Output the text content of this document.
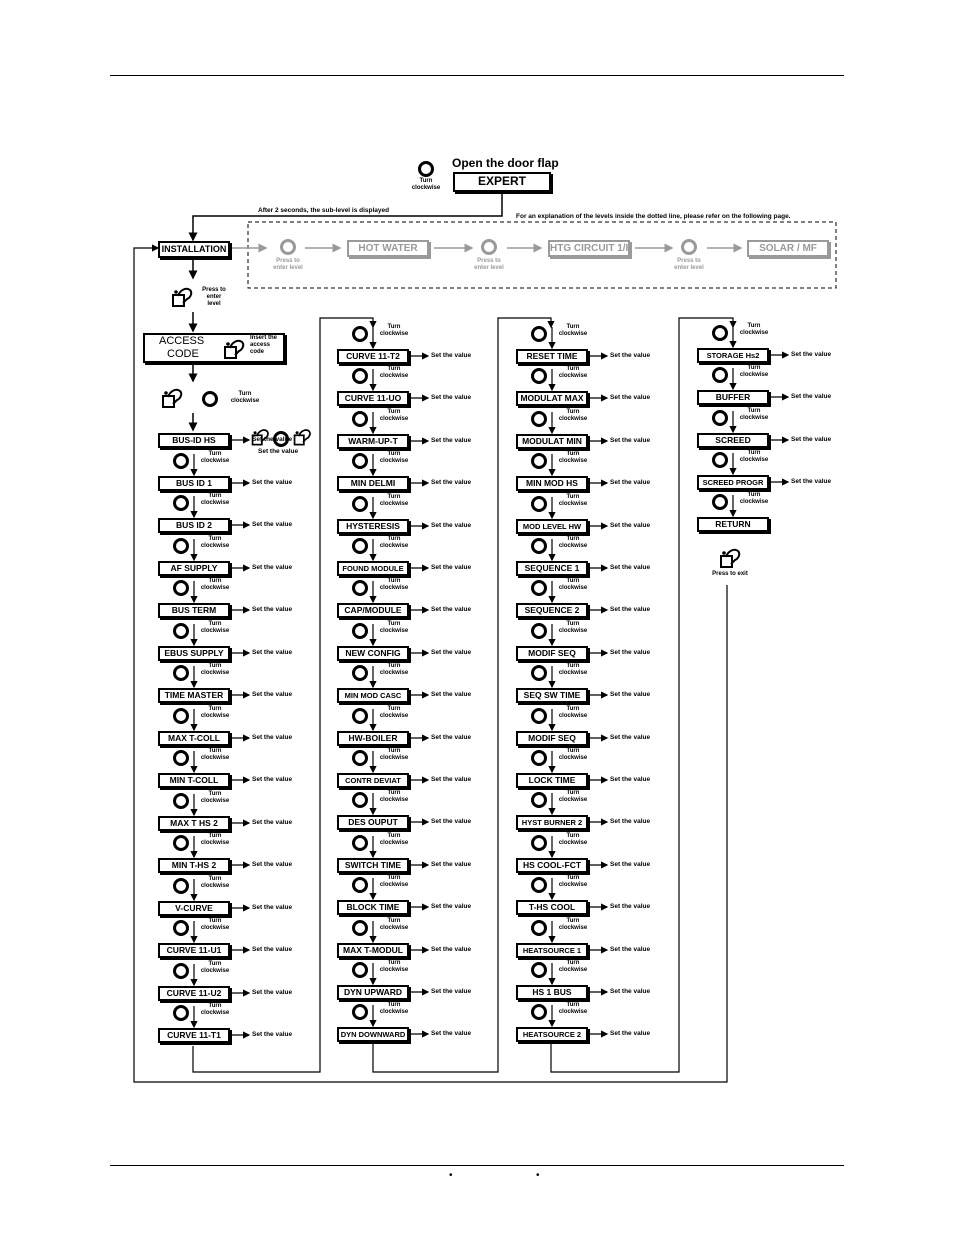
•	•
Turn clockwise
Open the door flap
EXPERT
After 2 seconds, the sub-level is displayed
For an explanation of the levels inside the dotted line, please refer on the following page.
INSTALLATION
Press to enter level
HOT WATER
Press to enter level
HTG CIRCUIT 1/I
Press to enter level
SOLAR / MF
Press to enter level
ACCESS
CODE
Insert the access code
Turn
clockwise
Press to exit
BUS-ID HS	Set the value
Turn
clockwise
BUS ID 1	Set the value
Turn
clockwise
BUS ID 2	Set the value
Turn
clockwise
AF SUPPLY	Set the value
Turn
clockwise
BUS TERM	Set the value
Turn
clockwise
EBUS SUPPLY	Set the value
Turn
clockwise
TIME MASTER	Set the value
Turn
clockwise
MAX T-COLL	Set the value
Turn
clockwise
MIN T-COLL	Set the value
Turn
clockwise
MAX T HS 2	Set the value
Turn
clockwise
MIN T-HS 2	Set the value
Turn
clockwise
V-CURVE	Set the value
Turn
clockwise
CURVE 11-U1	Set the value
Turn
clockwise
CURVE 11-U2	Set the value
Turn
clockwise
CURVE 11-T1	Set the value
Turn
clockwise
CURVE 11-T2	Set the value
Turn
clockwise
CURVE 11-UO	Set the value
Turn
clockwise
WARM-UP-T	Set the value
Turn
clockwise
MIN DELMI	Set the value
Turn
clockwise
HYSTERESIS	Set the value
Turn
clockwise
FOUND MODULE	Set the value
Turn
clockwise
CAP/MODULE	Set the value
Turn
clockwise
NEW CONFIG	Set the value
Turn
clockwise
MIN MOD CASC	Set the value
Turn
clockwise
HW-BOILER	Set the value
Turn
clockwise
CONTR DEVIAT	Set the value
Turn
clockwise
DES OUPUT	Set the value
Turn
clockwise
SWITCH TIME	Set the value
Turn
clockwise
BLOCK TIME	Set the value
Turn
clockwise
MAX T-MODUL	Set the value
Turn
clockwise
DYN UPWARD	Set the value
Turn
clockwise
DYN DOWNWARD	Set the value
Turn
clockwise
RESET TIME	Set the value
Turn
clockwise
MODULAT MAX	Set the value
Turn
clockwise
MODULAT MIN	Set the value
Turn
clockwise
MIN MOD HS	Set the value
Turn
clockwise
MOD LEVEL HW	Set the value
Turn
clockwise
SEQUENCE 1	Set the value
Turn
clockwise
SEQUENCE 2	Set the value
Turn
clockwise
MODIF SEQ	Set the value
Turn
clockwise
SEQ SW TIME	Set the value
Turn
clockwise
MODIF SEQ	Set the value
Turn
clockwise
LOCK TIME	Set the value
Turn
clockwise
HYST BURNER 2	Set the value
Turn
clockwise
HS COOL-FCT	Set the value
Turn
clockwise
T-HS COOL	Set the value
Turn
clockwise
HEATSOURCE 1	Set the value
Turn
clockwise
HS 1 BUS	Set the value
Turn
clockwise
HEATSOURCE 2	Set the value
Turn
clockwise
STORAGE Hs2	Set the value
Turn
clockwise
BUFFER	Set the value
Turn
clockwise
SCREED	Set the value
Turn
clockwise
SCREED PROGR	Set the value
Turn
clockwise
RETURN
Set the value
